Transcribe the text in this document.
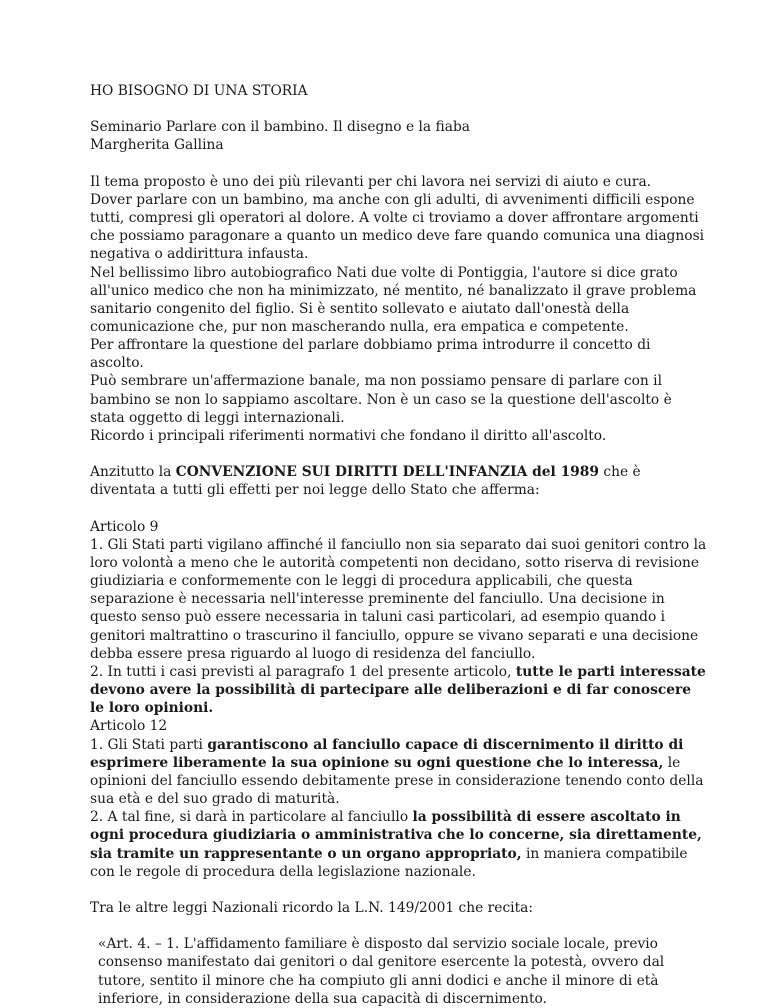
HO BISOGNO DI UNA STORIA

Seminario Parlare con il bambino. Il disegno e la fiaba

Margherita Gallina

Il tema proposto è uno dei più rilevanti per chi lavora nei servizi di aiuto e cura.

Dover parlare con un bambino, ma anche con gli adulti, di avvenimenti difficili espone tutti, compresi gli operatori al dolore. A volte ci troviamo a dover affrontare argomenti che possiamo paragonare a quanto un medico deve fare quando comunica una diagnosi negativa o addirittura infausta.

Nel bellissimo libro autobiografico Nati due volte di Pontiggia, l'autore si dice grato all'unico medico che non ha minimizzato, né mentito, né banalizzato il grave problema sanitario congenito del figlio. Si è sentito sollevato e aiutato dall'onestà della comunicazione che, pur non mascherando nulla, era empatica e competente.

Per affrontare la questione del parlare dobbiamo prima introdurre il concetto di ascolto.

Può sembrare un'affermazione banale, ma non possiamo pensare di parlare con il bambino se non lo sappiamo ascoltare. Non è un caso se la questione dell'ascolto è stata oggetto di leggi internazionali.

Ricordo i principali riferimenti normativi che fondano il diritto all'ascolto.

Anzitutto la CONVENZIONE SUI DIRITTI DELL'INFANZIA del 1989 che è diventata a tutti gli effetti per noi legge dello Stato che afferma:

Articolo 9

1. Gli Stati parti vigilano affinché il fanciullo non sia separato dai suoi genitori contro la loro volontà a meno che le autorità competenti non decidano, sotto riserva di revisione giudiziaria e conformemente con le leggi di procedura applicabili, che questa separazione è necessaria nell'interesse preminente del fanciullo. Una decisione in questo senso può essere necessaria in taluni casi particolari, ad esempio quando i genitori maltrattino o trascurino il fanciullo, oppure se vivano separati e una decisione debba essere presa riguardo al luogo di residenza del fanciullo.

2. In tutti i casi previsti al paragrafo 1 del presente articolo, tutte le parti interessate devono avere la possibilità di partecipare alle deliberazioni e di far conoscere le loro opinioni.

Articolo 12

1. Gli Stati parti garantiscono al fanciullo capace di discernimento il diritto di esprimere liberamente la sua opinione su ogni questione che lo interessa, le opinioni del fanciullo essendo debitamente prese in considerazione tenendo conto della sua età e del suo grado di maturità.

2. A tal fine, si darà in particolare al fanciullo la possibilità di essere ascoltato in ogni procedura giudiziaria o amministrativa che lo concerne, sia direttamente, sia tramite un rappresentante o un organo appropriato, in maniera compatibile con le regole di procedura della legislazione nazionale.

Tra le altre leggi Nazionali ricordo la L.N. 149/2001 che recita:

«Art. 4. – 1. L'affidamento familiare è disposto dal servizio sociale locale, previo consenso manifestato dai genitori o dal genitore esercente la potestà, ovvero dal tutore, sentito il minore che ha compiuto gli anni dodici e anche il minore di età inferiore, in considerazione della sua capacità di discernimento.
